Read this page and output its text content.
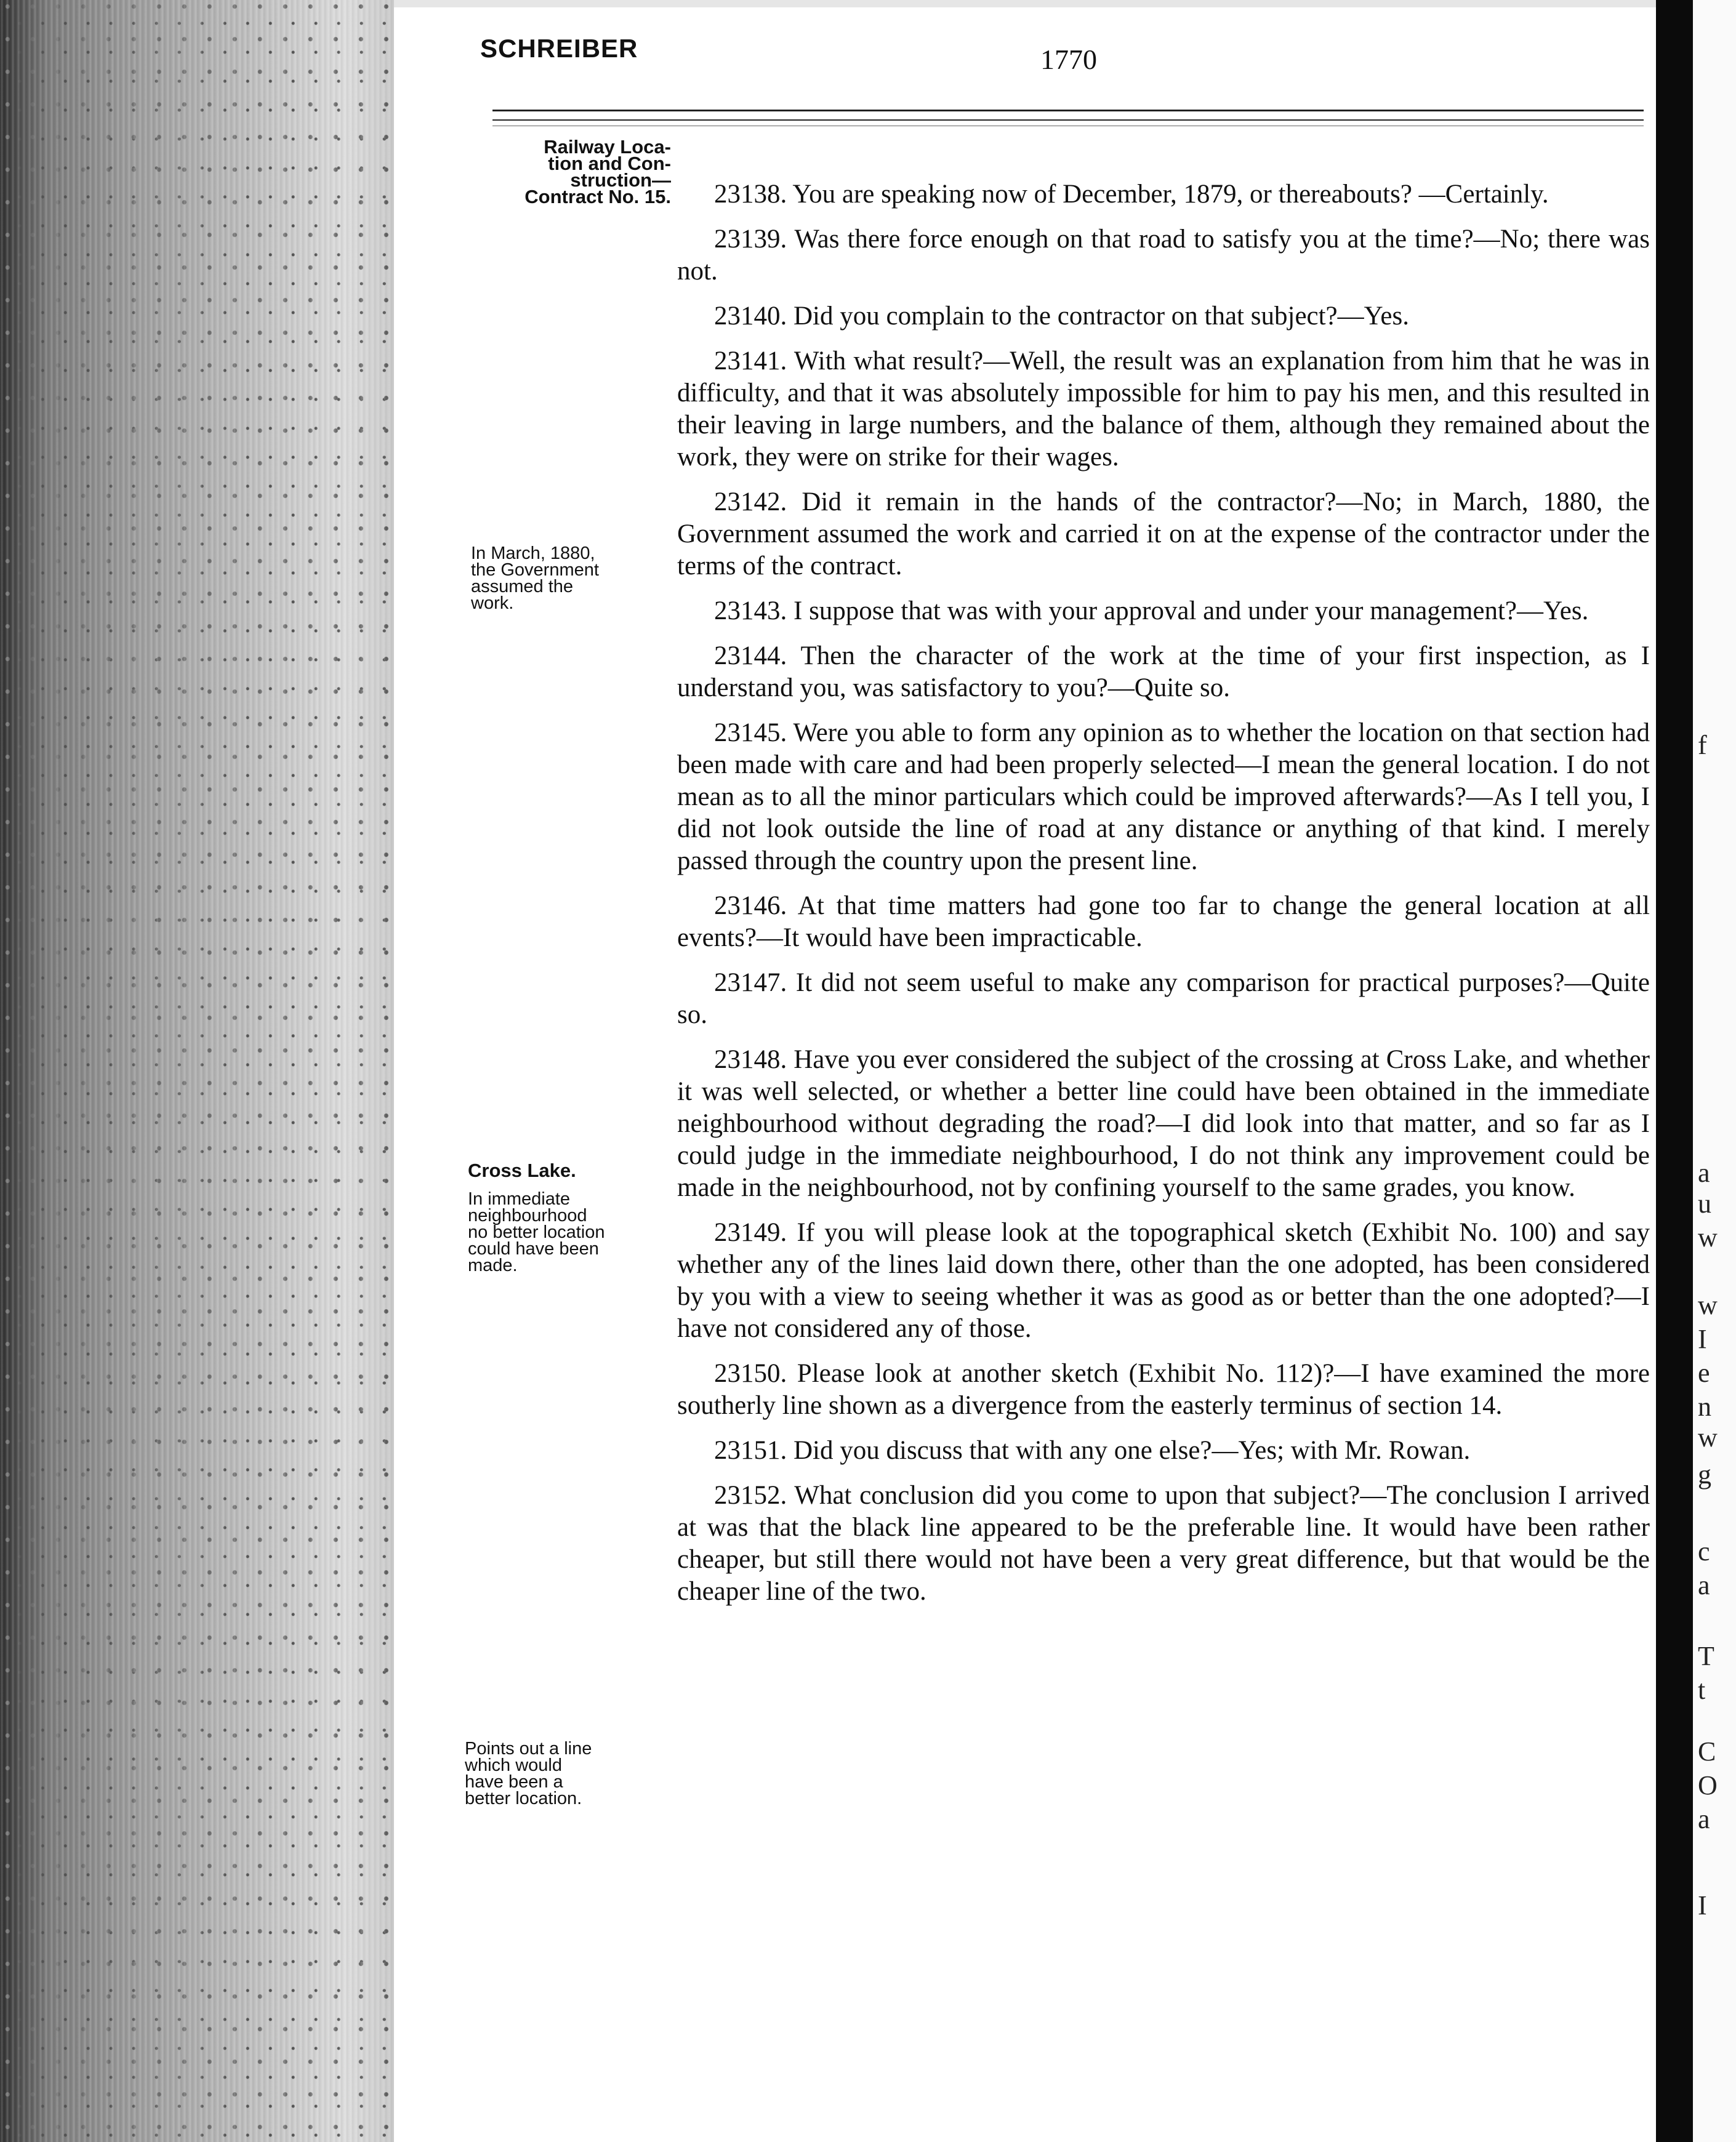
f
a
u
w
w
I
e
n
w
g
c
a
T
t
C
O
a
I
SCHREIBER	1770
Railway Loca-
tion and Con-
struction—
Contract No. 15.
In March, 1880,
the Government
assumed the
work.
Cross Lake.
In immediate
neighbourhood
no better location
could have been
made.
Points out a line
which would
have been a
better location.

23138. You are speaking now of December, 1879, or thereabouts? —Certainly.

23139. Was there force enough on that road to satisfy you at the time?—No; there was not.

23140. Did you complain to the contractor on that subject?—Yes.

23141. With what result?—Well, the result was an explanation from him that he was in difficulty, and that it was absolutely impossible for him to pay his men, and this resulted in their leaving in large numbers, and the balance of them, although they remained about the work, they were on strike for their wages.

23142. Did it remain in the hands of the contractor?—No; in March, 1880, the Government assumed the work and carried it on at the expense of the contractor under the terms of the contract.

23143. I suppose that was with your approval and under your management?—Yes.

23144. Then the character of the work at the time of your first inspection, as I understand you, was satisfactory to you?—Quite so.

23145. Were you able to form any opinion as to whether the location on that section had been made with care and had been properly selected—I mean the general location. I do not mean as to all the minor particulars which could be improved afterwards?—As I tell you, I did not look outside the line of road at any distance or anything of that kind. I merely passed through the country upon the present line.

23146. At that time matters had gone too far to change the general location at all events?—It would have been impracticable.

23147. It did not seem useful to make any comparison for practical purposes?—Quite so.

23148. Have you ever considered the subject of the crossing at Cross Lake, and whether it was well selected, or whether a better line could have been obtained in the immediate neighbourhood without degrading the road?—I did look into that matter, and so far as I could judge in the immediate neighbourhood, I do not think any improvement could be made in the neighbourhood, not by confining yourself to the same grades, you know.

23149. If you will please look at the topographical sketch (Exhibit No. 100) and say whether any of the lines laid down there, other than the one adopted, has been considered by you with a view to seeing whether it was as good as or better than the one adopted?—I have not considered any of those.

23150. Please look at another sketch (Exhibit No. 112)?—I have examined the more southerly line shown as a divergence from the easterly terminus of section 14.

23151. Did you discuss that with any one else?—Yes; with Mr. Rowan.

23152. What conclusion did you come to upon that subject?—The conclusion I arrived at was that the black line appeared to be the preferable line. It would have been rather cheaper, but still there would not have been a very great difference, but that would be the cheaper line of the two.
